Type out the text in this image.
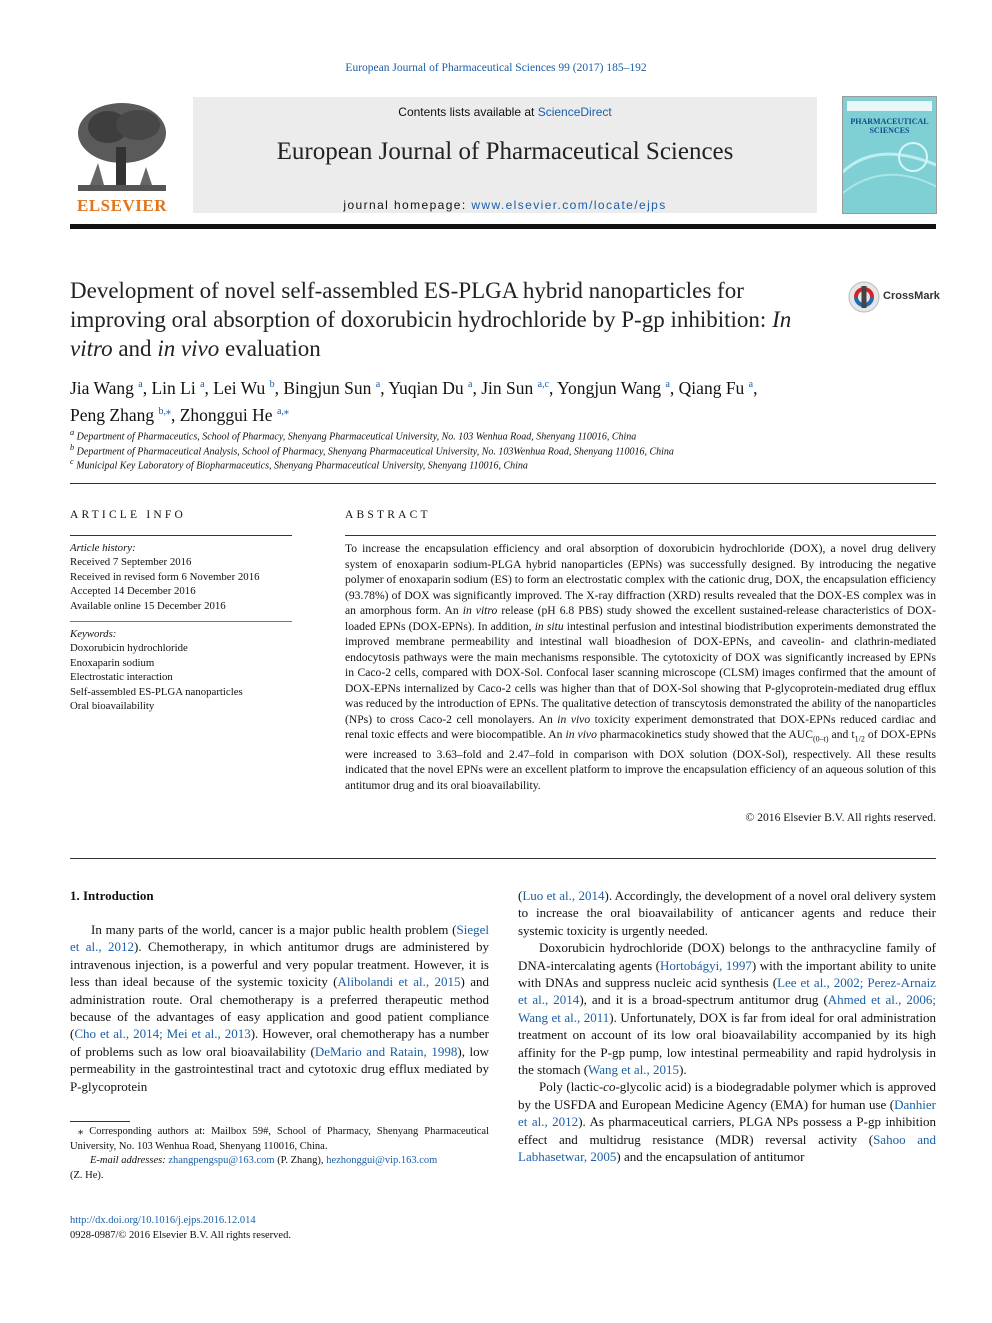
European Journal of Pharmaceutical Sciences 99 (2017) 185–192
ELSEVIER
Contents lists available at ScienceDirect
European Journal of Pharmaceutical Sciences
journal homepage: www.elsevier.com/locate/ejps
PHARMACEUTICAL SCIENCES
Development of novel self-assembled ES-PLGA hybrid nanoparticles for improving oral absorption of doxorubicin hydrochloride by P-gp inhibition: In vitro and in vivo evaluation
CrossMark
Jia Wang $^a$, Lin Li $^a$, Lei Wu $^b$, Bingjun Sun $^a$, Yuqian Du $^a$, Jin Sun $^{a,c}$, Yongjun Wang $^a$, Qiang Fu $^a$,
Peng Zhang $^{b,⁎}$, Zhonggui He $^{a,⁎}$
$^a$ Department of Pharmaceutics, School of Pharmacy, Shenyang Pharmaceutical University, No. 103 Wenhua Road, Shenyang 110016, China
$^b$ Department of Pharmaceutical Analysis, School of Pharmacy, Shenyang Pharmaceutical University, No. 103Wenhua Road, Shenyang 110016, China
$^c$ Municipal Key Laboratory of Biopharmaceutics, Shenyang Pharmaceutical University, Shenyang 110016, China
ARTICLE INFO
Article history:
Received 7 September 2016
Received in revised form 6 November 2016
Accepted 14 December 2016
Available online 15 December 2016
Keywords:
Doxorubicin hydrochloride
Enoxaparin sodium
Electrostatic interaction
Self-assembled ES-PLGA nanoparticles
Oral bioavailability
ABSTRACT
To increase the encapsulation efficiency and oral absorption of doxorubicin hydrochloride (DOX), a novel drug delivery system of enoxaparin sodium-PLGA hybrid nanoparticles (EPNs) was successfully designed. By introducing the negative polymer of enoxaparin sodium (ES) to form an electrostatic complex with the cationic drug, DOX, the encapsulation efficiency (93.78%) of DOX was significantly improved. The X-ray diffraction (XRD) results revealed that the DOX-ES complex was in an amorphous form. An in vitro release (pH 6.8 PBS) study showed the excellent sustained-release characteristics of DOX-loaded EPNs (DOX-EPNs). In addition, in situ intestinal perfusion and intestinal biodistribution experiments demonstrated the improved membrane permeability and intestinal wall bioadhesion of DOX-EPNs, and caveolin- and clathrin-mediated endocytosis pathways were the main mechanisms responsible. The cytotoxicity of DOX was significantly increased by EPNs in Caco-2 cells, compared with DOX-Sol. Confocal laser scanning microscope (CLSM) images confirmed that the amount of DOX-EPNs internalized by Caco-2 cells was higher than that of DOX-Sol showing that P-glycoprotein-mediated drug efflux was reduced by the introduction of EPNs. The qualitative detection of transcytosis demonstrated the ability of the nanoparticles (NPs) to cross Caco-2 cell monolayers. An in vivo toxicity experiment demonstrated that DOX-EPNs reduced cardiac and renal toxic effects and were biocompatible. An in vivo pharmacokinetics study showed that the $AUC_{(0-t)}$ and $t_{1/2}$ of DOX-EPNs were increased to 3.63–fold and 2.47–fold in comparison with DOX solution (DOX-Sol), respectively. All these results indicated that the novel EPNs were an excellent platform to improve the encapsulation efficiency of an aqueous solution of this antitumor drug and its oral bioavailability.
© 2016 Elsevier B.V. All rights reserved.
1. Introduction

In many parts of the world, cancer is a major public health problem (Siegel et al., 2012). Chemotherapy, in which antitumor drugs are administered by intravenous injection, is a powerful and very popular treatment. However, it is less than ideal because of the systemic toxicity (Alibolandi et al., 2015) and administration route. Oral chemotherapy is a preferred therapeutic method because of the advantages of easy application and good patient compliance (Cho et al., 2014; Mei et al., 2013). However, oral chemotherapy has a number of problems such as low oral bioavailability (DeMario and Ratain, 1998), low permeability in the gastrointestinal tract and cytotoxic drug efflux mediated by P-glycoprotein

(Luo et al., 2014). Accordingly, the development of a novel oral delivery system to increase the oral bioavailability of anticancer agents and reduce their systemic toxicity is urgently needed.

Doxorubicin hydrochloride (DOX) belongs to the anthracycline family of DNA-intercalating agents (Hortobágyi, 1997) with the important ability to unite with DNAs and suppress nucleic acid synthesis (Lee et al., 2002; Perez-Arnaiz et al., 2014), and it is a broad-spectrum antitumor drug (Ahmed et al., 2006; Wang et al., 2011). Unfortunately, DOX is far from ideal for oral administration treatment on account of its low oral bioavailability accompanied by its high affinity for the P-gp pump, low intestinal permeability and rapid hydrolysis in the stomach (Wang et al., 2015).

Poly (lactic-co-glycolic acid) is a biodegradable polymer which is approved by the USFDA and European Medicine Agency (EMA) for human use (Danhier et al., 2012). As pharmaceutical carriers, PLGA NPs possess a P-gp inhibition effect and multidrug resistance (MDR) reversal activity (Sahoo and Labhasetwar, 2005) and the encapsulation of antitumor

⁎ Corresponding authors at: Mailbox 59#, School of Pharmacy, Shenyang Pharmaceutical University, No. 103 Wenhua Road, Shenyang 110016, China.
E-mail addresses: zhangpengspu@163.com (P. Zhang), hezhonggui@vip.163.com
(Z. He).
http://dx.doi.org/10.1016/j.ejps.2016.12.014
0928-0987/© 2016 Elsevier B.V. All rights reserved.
